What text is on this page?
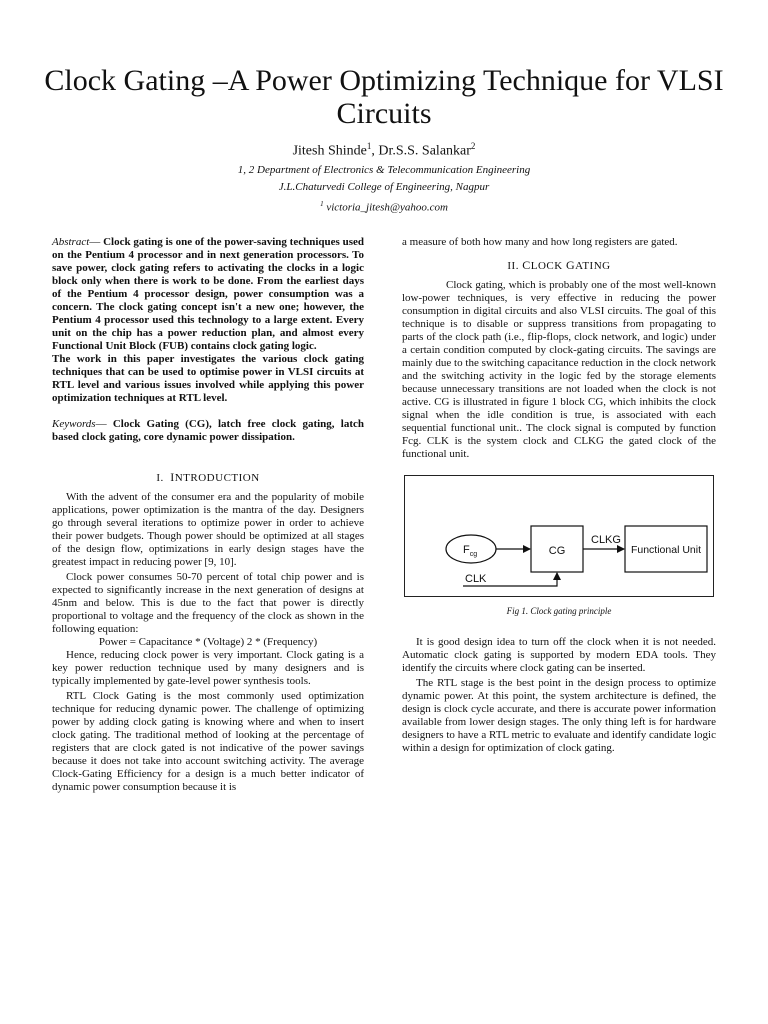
Clock Gating –A Power Optimizing Technique for VLSI Circuits
Jitesh Shinde$^1$, Dr.S.S. Salankar$^2$
1, 2 Department of Electronics & Telecommunication Engineering
J.L.Chaturvedi College of Engineering, Nagpur
$^1$ victoria_jitesh@yahoo.com

Abstract— Clock gating is one of the power-saving techniques used on the Pentium 4 processor and in next generation processors. To save power, clock gating refers to activating the clocks in a logic block only when there is work to be done. From the earliest days of the Pentium 4 processor design, power consumption was a concern. The clock gating concept isn't a new one; however, the Pentium 4 processor used this technology to a large extent. Every unit on the chip has a power reduction plan, and almost every Functional Unit Block (FUB) contains clock gating logic.

The work in this paper investigates the various clock gating techniques that can be used to optimise power in VLSI circuits at RTL level and various issues involved while applying this power optimization techniques at RTL level.

Keywords— Clock Gating (CG), latch free clock gating, latch based clock gating, core dynamic power dissipation.

I. INTRODUCTION

With the advent of the consumer era and the popularity of mobile applications, power optimization is the mantra of the day. Designers go through several iterations to optimize power in order to achieve their power budgets. Though power should be optimized at all stages of the design flow, optimizations in early design stages have the greatest impact in reducing power [9, 10].

Clock power consumes 50-70 percent of total chip power and is expected to significantly increase in the next generation of designs at 45nm and below. This is due to the fact that power is directly proportional to voltage and the frequency of the clock as shown in the following equation:

Power = Capacitance * (Voltage) 2 * (Frequency)

Hence, reducing clock power is very important. Clock gating is a key power reduction technique used by many designers and is typically implemented by gate-level power synthesis tools.

RTL Clock Gating is the most commonly used optimization technique for reducing dynamic power. The challenge of optimizing power by adding clock gating is knowing where and when to insert clock gating. The traditional method of looking at the percentage of registers that are clock gated is not indicative of the power savings because it does not take into account switching activity. The average Clock-Gating Efficiency for a design is a much better indicator of dynamic power consumption because it is

a measure of both how many and how long registers are gated.

II. CLOCK GATING

Clock gating, which is probably one of the most well-known low-power techniques, is very effective in reducing the power consumption in digital circuits and also VLSI circuits. The goal of this technique is to disable or suppress transitions from propagating to parts of the clock path (i.e., flip-flops, clock network, and logic) under a certain condition computed by clock-gating circuits. The savings are mainly due to the switching capacitance reduction in the clock network and the switching activity in the logic fed by the storage elements because unnecessary transitions are not loaded when the clock is not active. CG is illustrated in figure 1 block CG, which inhibits the clock signal when the idle condition is true, is associated with each sequential functional unit.. The clock signal is computed by function Fcg. CLK is the system clock and CLKG the gated clock of the functional unit.

$F_{cg}$	CG
CLKG
Functional Unit
CLK
Fig 1. Clock gating principle

It is good design idea to turn off the clock when it is not needed. Automatic clock gating is supported by modern EDA tools. They identify the circuits where clock gating can be inserted.

The RTL stage is the best point in the design process to optimize dynamic power. At this point, the system architecture is defined, the design is clock cycle accurate, and there is accurate power information available from lower design stages. The only thing left is for hardware designers to have a RTL metric to evaluate and identify candidate logic within a design for optimization of clock gating.
